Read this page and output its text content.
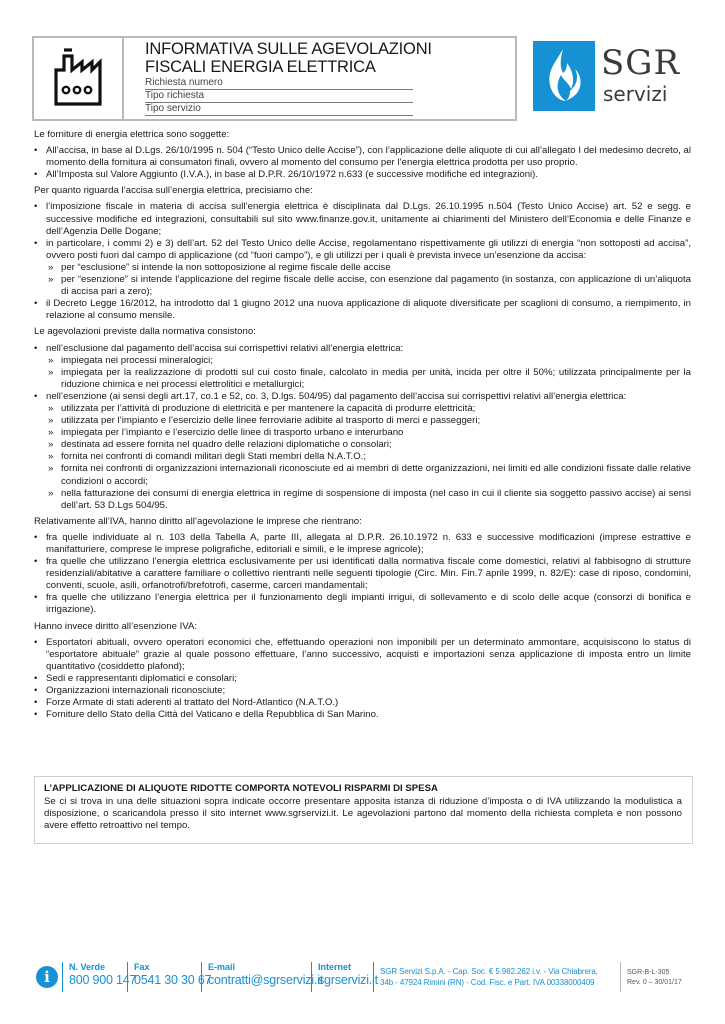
INFORMATIVA SULLE AGEVOLAZIONI
FISCALI ENERGIA ELETTRICA
Richiesta numero
Tipo richiesta
Tipo servizio
SGR
servizi

Le forniture di energia elettrica sono soggette:

• All’accisa, in base al D.Lgs. 26/10/1995 n. 504 (“Testo Unico delle Accise”), con l’applicazione delle aliquote di cui all’allegato I del medesimo decreto, al momento della fornitura ai consumatori finali, ovvero al momento del consumo per l’energia elettrica prodotta per uso proprio.
• All’Imposta sul Valore Aggiunto (I.V.A.), in base al D.P.R. 26/10/1972 n.633 (e successive modifiche ed integrazioni).

Per quanto riguarda l’accisa sull’energia elettrica, precisiamo che:

• l’imposizione fiscale in materia di accisa sull’energia elettrica è disciplinata dal D.Lgs. 26.10.1995 n.504 (Testo Unico Accise) art. 52 e segg. e successive modifiche ed integrazioni, consultabili sul sito www.finanze.gov.it, unitamente ai chiarimenti del Ministero dell’Economia e delle Finanze e dell’Agenzia Delle Dogane;
• in particolare, i commi 2) e 3) dell’art. 52 del Testo Unico delle Accise, regolamentano rispettivamente gli utilizzi di energia “non sottoposti ad accisa”, ovvero posti fuori dal campo di applicazione (cd “fuori campo”), e gli utilizzi per i quali è prevista invece un’esenzione da accisa:
» per “esclusione” si intende la non sottoposizione al regime fiscale delle accise
» per “esenzione” si intende l’applicazione del regime fiscale delle accise, con esenzione dal pagamento (in sostanza, con applicazione di un’aliquota di accisa pari a zero);
• il Decreto Legge 16/2012, ha introdotto dal 1 giugno 2012 una nuova applicazione di aliquote diversificate per scaglioni di consumo, a riempimento, in relazione al consumo mensile.

Le agevolazioni previste dalla normativa consistono:

• nell’esclusione dal pagamento dell’accisa sui corrispettivi relativi all’energia elettrica:
» impiegata nei processi mineralogici;
» impiegata per la realizzazione di prodotti sul cui costo finale, calcolato in media per unità, incida per oltre il 50%; utilizzata principalmente per la riduzione chimica e nei processi elettrolitici e metallurgici;
• nell’esenzione (ai sensi degli art.17, co.1 e 52, co. 3, D.lgs. 504/95) dal pagamento dell’accisa sui corrispettivi relativi all’energia elettrica:
» utilizzata per l’attività di produzione di elettricità e per mantenere la capacità di produrre elettricità;
» utilizzata per l’impianto e l’esercizio delle linee ferroviarie adibite al trasporto di merci e passeggeri;
» impiegata per l’impianto e l’esercizio delle linee di trasporto urbano e interurbano
» destinata ad essere fornita nel quadro delle relazioni diplomatiche o consolari;
» fornita nei confronti di comandi militari degli Stati membri della N.A.T.O.;
» fornita nei confronti di organizzazioni internazionali riconosciute ed ai membri di dette organizzazioni, nei limiti ed alle condizioni fissate dalle relative condizioni o accordi;
» nella fatturazione dei consumi di energia elettrica in regime di sospensione di imposta (nel caso in cui il cliente sia soggetto passivo accise) ai sensi dell’art. 53 D.Lgs 504/95.

Relativamente all’IVA, hanno diritto all’agevolazione le imprese che rientrano:

• fra quelle individuate al n. 103 della Tabella A, parte III, allegata al D.P.R. 26.10.1972 n. 633 e successive modificazioni (imprese estrattive e manifatturiere, comprese le imprese poligrafiche, editoriali e simili, e le imprese agricole);
• fra quelle che utilizzano l’energia elettrica esclusivamente per usi identificati dalla normativa fiscale come domestici, relativi al fabbisogno di strutture residenziali/abitative a carattere familiare o collettivo rientranti nelle seguenti tipologie (Circ. Min. Fin.7 aprile 1999, n. 82/E): case di riposo, condomini, conventi, scuole, asili, orfanotrofi/brefotrofi, caserme, carceri mandamentali;
• fra quelle che utilizzano l’energia elettrica per il funzionamento degli impianti irrigui, di sollevamento e di scolo delle acque (consorzi di bonifica e irrigazione).

Hanno invece diritto all’esenzione IVA:

• Esportatori abituali, ovvero operatori economici che, effettuando operazioni non imponibili per un determinato ammontare, acquisiscono lo status di “esportatore abituale” grazie al quale possono effettuare, l’anno successivo, acquisti e importazioni senza applicazione di imposta entro un limite quantitativo (cosiddetto plafond);
• Sedi e rappresentanti diplomatici e consolari;
• Organizzazioni internazionali riconosciute;
• Forze Armate di stati aderenti al trattato del Nord-Atlantico (N.A.T.O.)
• Forniture dello Stato della Città del Vaticano e della Repubblica di San Marino.
L’APPLICAZIONE DI ALIQUOTE RIDOTTE COMPORTA NOTEVOLI RISPARMI DI SPESA
Se ci si trova in una delle situazioni sopra indicate occorre presentare apposita istanza di riduzione d’imposta o di IVA utilizzando la modulistica a disposizione, o scaricandola presso il sito internet www.sgrservizi.it. Le agevolazioni partono dal momento della richiesta completa e non possono avere effetto retroattivo nel tempo.
i
N. Verde
800 900 147
Fax
0541 30 30 67
E-mail
contratti@sgrservizi.it
Internet
sgrservizi.it
SGR Servizi S.p.A. - Cap. Soc. € 5.982.262 i.v. - Via Chiabrera,
34b - 47924 Rimini (RN) - Cod. Fisc. e Part. IVA 00338000409
SGR-B-L-305
Rev. 0 – 30/01/17
